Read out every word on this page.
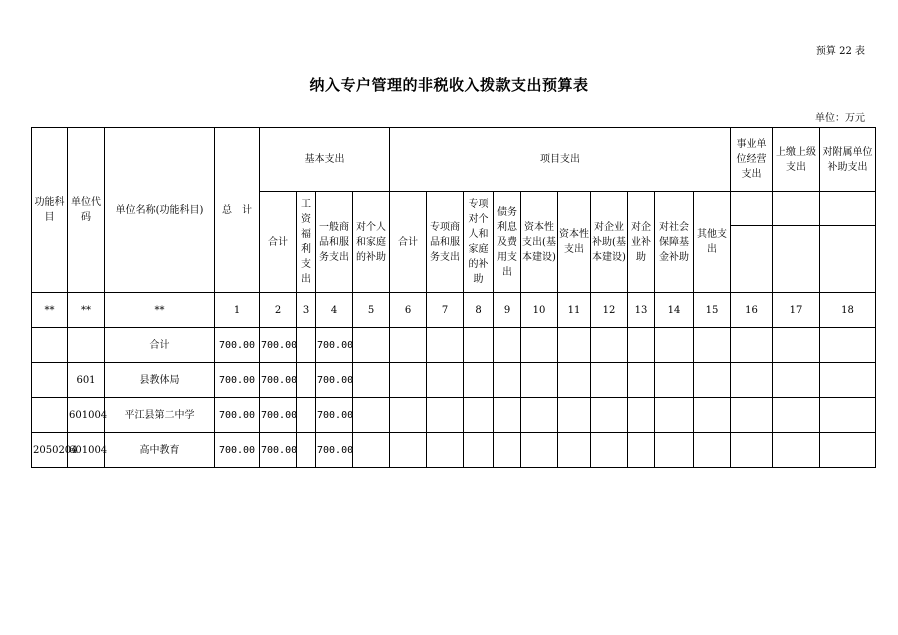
预算 22 表
纳入专户管理的非税收入拨款支出预算表
单位：万元
功能科目	单位代码	单位名称(功能科目)	总　计	基本支出				项目支出										事业单位经营支出	上缴上级支出	对附属单位补助支出
				合计	工资福利支出	一般商品和服务支出	对个人和家庭的补助	合计	专项商品和服务支出	专项对个人和家庭的补助	债务利息及费用支出	资本性支出(基本建设)	资本性支出	对企业补助(基本建设)	对企业补助	对社会保障基金补助	其他支出			

**	**	**	1	2	3	4	5	6	7	8	9	10	11	12	13	14	15	16	17	18
		合计	700.00	700.00		700.00														
	601	县教体局	700.00	700.00		700.00														
	601004	平江县第二中学	700.00	700.00		700.00														
2050204	601004	高中教育	700.00	700.00		700.00														
